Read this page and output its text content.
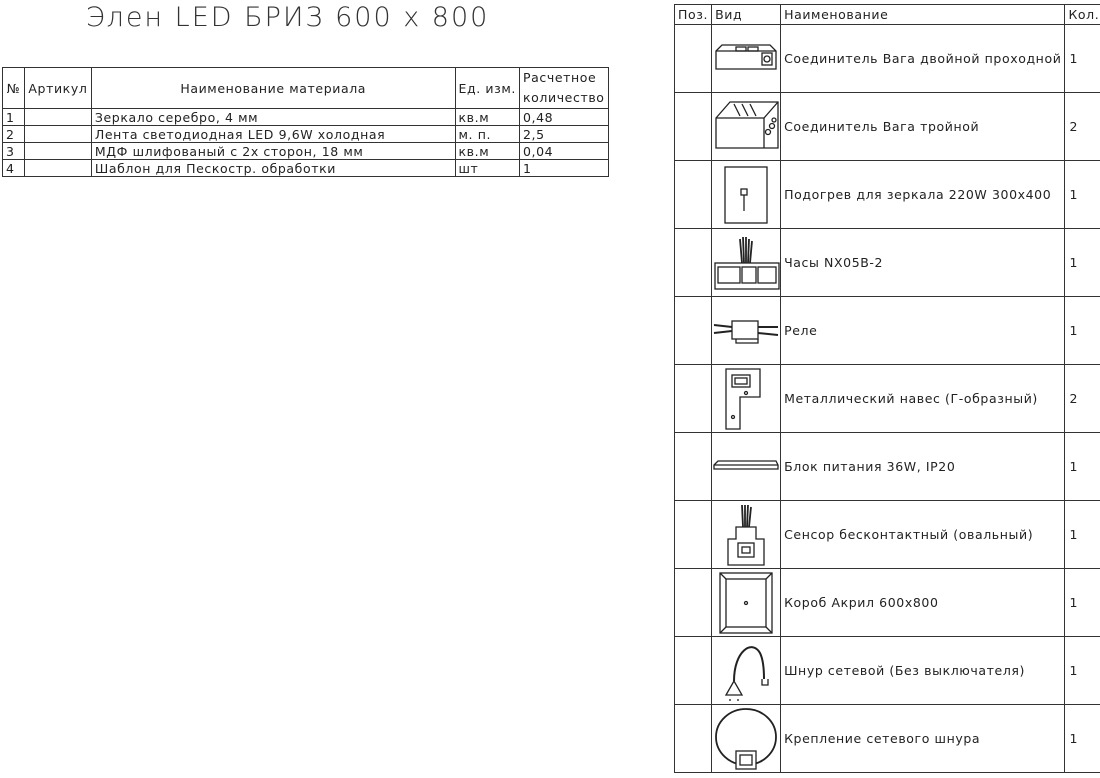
Элен LED БРИЗ 600 х 800
№	Артикул	Наименование материала	Ед. изм.	Расчетное
количество

1		Зеркало серебро, 4 мм	кв.м	0,48
2		Лента светодиодная LED 9,6W холодная	м. п.	2,5
3		МДФ шлифованый с 2х сторон, 18 мм	кв.м	0,04
4		Шаблон для Пескостр. обработки	шт	1
Поз.	Вид	Наименование	Кол.

	Соединитель Вага двойной проходной	1

	Соединитель Вага тройной	2

	Подогрев для зеркала 220W 300х400	1

	Часы NX05B-2	1

	Реле	1

	Металлический навес (Г-образный)	2

	Блок питания 36W, IP20	1

	Сенсор бесконтактный (овальный)	1

	Короб Акрил 600х800	1

	Шнур сетевой (Без выключателя)	1

	Крепление сетевого шнура	1
